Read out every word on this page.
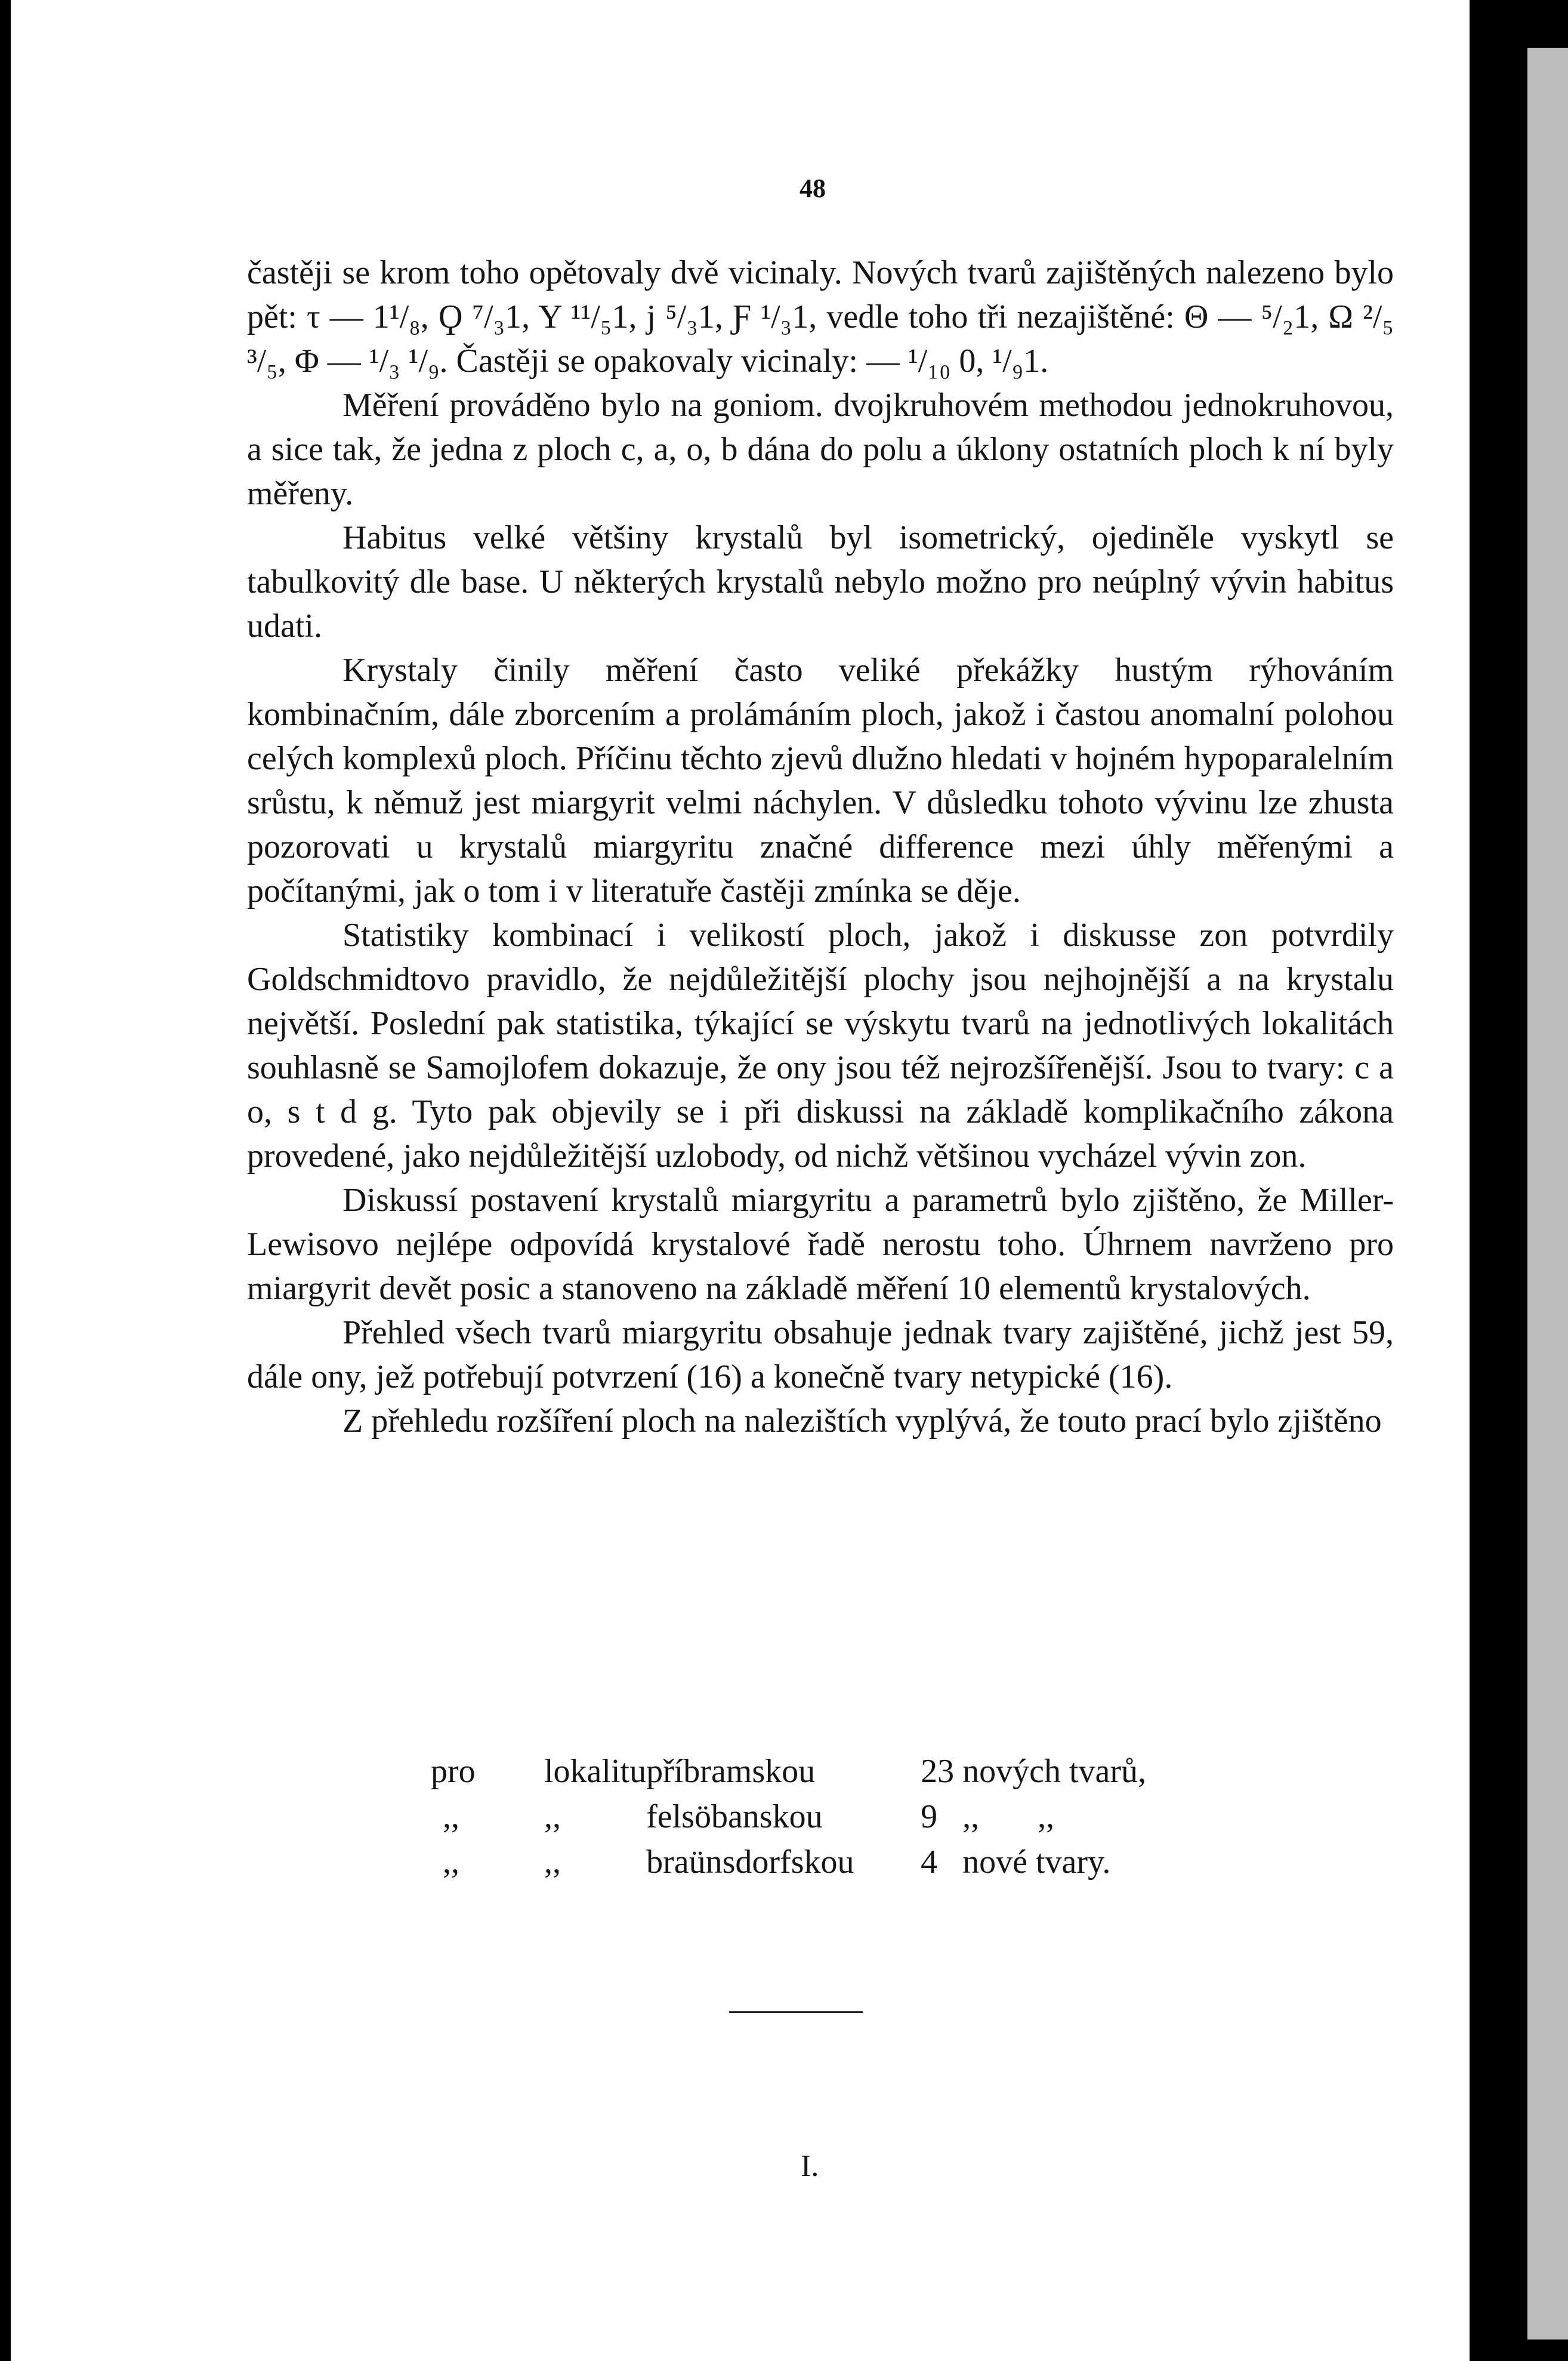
48

častěji se krom toho opětovaly dvě vicinaly. Nových tvarů zajištěných nalezeno bylo pět: τ — 1¹/₈, Ϙ ⁷/₃1, Υ ¹¹/₅1, j ⁵/₃1, Ƒ ¹/₃1, vedle toho tři nezajištěné: Θ — ⁵/₂1, Ω ²/₅ ³/₅, Φ — ¹/₃ ¹/₉. Častěji se opakovaly vicinaly: — ¹/₁₀ 0, ¹/₉1.

Měření prováděno bylo na goniom. dvojkruhovém methodou jednokruhovou, a sice tak, že jedna z ploch c, a, o, b dána do polu a úklony ostatních ploch k ní byly měřeny.

Habitus velké většiny krystalů byl isometrický, ojediněle vyskytl se tabulkovitý dle base. U některých krystalů nebylo možno pro neúplný vývin habitus udati.

Krystaly činily měření často veliké překážky hustým rýhováním kombinačním, dále zborcením a prolámáním ploch, jakož i častou anomalní polohou celých komplexů ploch. Příčinu těchto zjevů dlužno hledati v hojném hypoparalelním srůstu, k němuž jest miargyrit velmi náchylen. V důsledku tohoto vývinu lze zhusta pozorovati u krystalů miargyritu značné difference mezi úhly měřenými a počítanými, jak o tom i v literatuře častěji zmínka se děje.

Statistiky kombinací i velikostí ploch, jakož i diskusse zon potvrdily Goldschmidtovo pravidlo, že nejdůležitější plochy jsou nejhojnější a na krystalu největší. Poslední pak statistika, týkající se výskytu tvarů na jednotlivých lokalitách souhlasně se Samojlofem dokazuje, že ony jsou též nejrozšířenější. Jsou to tvary: c a o, s t d g. Tyto pak objevily se i při diskussi na základě komplikačního zákona provedené, jako nejdůležitější uzlobody, od nichž většinou vycházel vývin zon.

Diskussí postavení krystalů miargyritu a parametrů bylo zjištěno, že Miller-Lewisovo nejlépe odpovídá krystalové řadě nerostu toho. Úhrnem navrženo pro miargyrit devět posic a stanoveno na základě měření 10 elementů krystalových.

Přehled všech tvarů miargyritu obsahuje jednak tvary zajištěné, jichž jest 59, dále ony, jež potřebují potvrzení (16) a konečně tvary netypické (16).

Z přehledu rozšíření ploch na nalezištích vyplývá, že touto prací bylo zjištěno

pro	lokalitu	příbramskou	23	nových tvarů,
,,	,,	felsöbanskou	9	,,       ,,
,,	,,	braünsdorfskou	4	nové tvary.
I.
